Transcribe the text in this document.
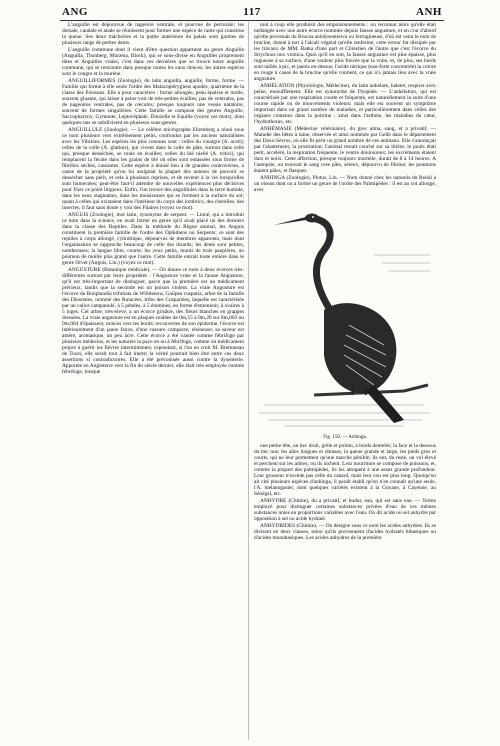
ANG	117	ANH

L'anguille est dépourvue de nageoire ventrale, et pourvue de pectorale; les dorsale, caudale et anale se réunissent pour former une espèce de rame qui constitue la queue. Ses deux mâchoires et la partie antérieure du palais sont garnies de plusieurs rangs de petites dents.

L'anguille commune dont il vient d'être question appartient au genre Anguille (Anguilla, Thunberg, Muræna, Block), qui se sous-divise en Anguilles proprement dites et Anguilles vraies; c'est dans ces dernières que se trouve notre anguille commune, qui se rencontre dans presque toutes les eaux douces; les autres espèces sont le congre et la murène.

ANGUILLIFORMES (Zoologie), du latin anguilla, anguille, forme, forme. — Famille qui forme à elle seule l'ordre des Malacoptérygiens apodes, quatrième de la classe des Poissons. Elle a pour caractères : forme allongée, peau épaisse et molle, souvent gluante, qui laisse à peine voir de très-petites écailles; pas de ventrales, pas de nageoires ventrales, pas de cœcums; presque toujours une vessie natatoire, souvent de formes singulières. Cette famille se compose des genres Anguille, Saccopharynx, Gymnote, Leptocéphale, Donzelle et Equille (voyez ces mots), dont quelques-uns se subdivisent en plusieurs sous-genres.

ANGUILLULE (Zoologie). — Le célèbre micrographe Ehrenberg a réuni sous ce nom plusieurs vers extrêmement petits, confondus par les anciens naturalistes avec les Vibrions. Les espèces les plus connues sont : celles du vinaigre (A. aceti); celles de la colle (A. glutinis), qui vivent dans la colle de pâte, surtout dans celle qui, presque desséchée, se roule en écailles; celles du blé niellé (A. tritici), qui remplacent la fécule dans les grains de blé où elles sont entassées sous forme de fibrilles sèches, cassantes. Cette espèce a donné lieu à de grandes controverses, à cause de la propriété qu'on lui assignait la plupart des auteurs de pouvoir se dessécher sans périr, et cela à plusieurs reprises, et de revenir à la vie lorsqu'elles sont humectées; peut-être faut-il attendre de nouvelles expériences plus décisives pour fixer ce point litigieux. Enfin, l'on trouve des anguillules dans la terre humide, dans les eaux stagnantes, dans les moisissures qui se forment à la surface du sol; quant à celles qui existaient dans l'intérieur du corps des lombrics, des chenilles, des insectes, il faut sans doute y voir des Filaires (voyez ce mot).

ANGUIS (Zoologie), mot latin, synonyme de serpent. — Linné, qui a introduit ce nom dans la science, en avait formé un genre qu'il avait placé un des derniers dans la classe des Reptiles. Dans la méthode du Règne animal, les Anguis constituent la première famille de l'ordre des Ophidiens ou Serpents; ce sont des reptiles à corps allongé, cylindrique, dépourvus de membres apparents, mais dont l'organisation se rapproche beaucoup de celle des lézards; les dents sont petites, nombreuses; la langue libre, courte; les yeux petits, munis de trois paupières, un poumon de moitié plus grand que l'autre. Cette famille entrait toute entière dans le genre Orvet (Anguis, Lin.) (voyez ce mot).

ANGUSTURE (Botanique médicale). — On donne ce nom à deux écorces très-différentes surtout par leurs propriétés : l'Angusture vraie et la fausse Angusture, qu'il est très-important de distinguer, parce que la première est un médicament précieux, tandis que la seconde est un poison violent. La vraie Angusture est l'écorce du Bonplandia trifoliata de Willdenow, Galipea cusparia, arbre de la famille des Diosmées, nommé des Rutacées, tribu des Cuspariées, laquelle est caractérisée par un calice campanulé, à 5 pétales, à 5 étamines, en forme d'entonnoir, à ovaires à 5 loges. Cet arbre, très-élevé, a un écorce grisâtre, des fleurs blanches en grappes dressées. La vraie angusture est en plaques roulées de 0m,15 à 0m,20 sur 0m,003 ou 0m,004 d'épaisseur, minces vers les bords; recouvertes de son épiderme, l'écorce est intérieurement d'un jaune fauve, d'une cassure compacte, résineuse; sa saveur est amère, aromatique, un peu âcre. Cette écorce a été vantée comme fébrifuge par plusieurs médecins, et les naturels la paye en ou à fébrifuge, comme un médicament propre à guérir les fièvres intermittentes; cependant, si l'on en croit M. Brettoneau de Tours, elle serait tout à fait inerte; la vérité pourrait bien être entre ces deux assertions si contradictoires. Elle a été préconisée aussi contre la dysenterie. Apportée en Angleterre vers la fin du siècle dernier, elle était très-employée comme fébrifuge, lorsque

tout à coup elle produisit des empoisonnements : on reconnut alors qu'elle était mélangée avec une autre écorce nommée depuis fausse angusture, et on crut d'abord qu'elle provenait du Brucea antidysenterica ou ferrugineuse, d'où est venu le nom de brucine, donné à tort à l'alcali végétal qu'elle renferme; cette erreur fut dissipée par les travaux de MM. Batka d'une part et Chrestien de l'autre que c'est l'écorce du Strychnos nux vomica. Quoi qu'il en soit, la fausse angusture est plus épaisse, plus rugueuse à sa surface, d'une couleur plus foncée que la vraie, et, de plus, ses bords sont taillés à pic, et jaunis en-dessus; l'acide nitrique (eau-forte concentrée) la colore en rouge à cause de la brucine qu'elle contient, ce qui n'a jamais lieu avec la vraie angusture.

ANHÉLATION (Physiologie, Médecine), du latin anhelare, haleter, respirer avec peine, essoufflement. Elle est synonyme de Dyspnée. — L'anhélation, qui est caractérisée par une respiration courte et fréquente, est naturellement la suite d'une course rapide ou de mouvements violents; mais elle est souvent un symptôme important dans un grand nombre de maladies, et particulièrement dans celles des organes contenus dans la poitrine : ainsi dans l'asthme, les maladies du cœur, l'hydrothorax, etc.

ANHÉMASIE (Médecine vétérinaire), du grec aima, sang, et a privatif. — Maladie des bêtes à laine, observée et ainsi nommée par Gellé dans le département des Deux-Sèvres, où elle fit périr un grand nombre de ces animaux. Elle s'annonçait par l'abattement, la prostration; l'animal restait couché sur sa litière; le pouls était petit, accéléré, la respiration fréquente, le ventre douloureux; les excréments étaient durs et noirs. Cette affection, presque toujours mortelle, durait de 8 à 14 heures. A l'autopsie, on trouvait le sang rose pâle, séreux, dépourvu de fibrine; les poumons étaient pâles, et flasques.

ANHINGA (Zoologie), Plotus, Lin. — Nom donné chez les naturels du Brésil à un oiseau dont on a formé un genre de l'ordre des Palmipèdes : il est au col allongé, avec

Fig. 150. — Anhinga.

une petite tête, un bec droit, grêle et pointu, à bords dentelés; la face et la dessous du bec nus; les ailes longues et obtuses, la queue grande et large, les pieds gros et courts, qui ne leur permettent qu'une marche pénible; ils ont, du reste, un vol élevé et perchent sur les arbres, où ils nichent. Leur nourriture se compose de poissons, et, comme la plupart des palmipèdes, ils les attrapent à une assez grande profondeur. Leur grosseur n'excède pas celle du canard, mais leur cou est plus long. Quoiqu'on ait cité plusieurs espèces d'anhinga, il paraît établi qu'on n'en connaît qu'une seule, l'A. melanogaster, dont quelques variétés existent à la Guyane, à Cayenne, au Sénégal, etc.

ANHYDRE (Chimie), du a privatif, et hudor, eau, qui est sans eau. — Terme employé pour distinguer certaines substances privées d'eau de ces mêmes substances unies en proportions variables avec l'eau. On dit acide ou sel anhydre par opposition à sel ou acide hydraté.

ANHYDRIDES (Chimie). — On désigne sous ce nom les acides anhydres. Ils se divisent en deux classes, selon qu'ils proviennent d'acides hydratés bibasiques ou d'acides monobasiques. Les acides anhydres de la première
